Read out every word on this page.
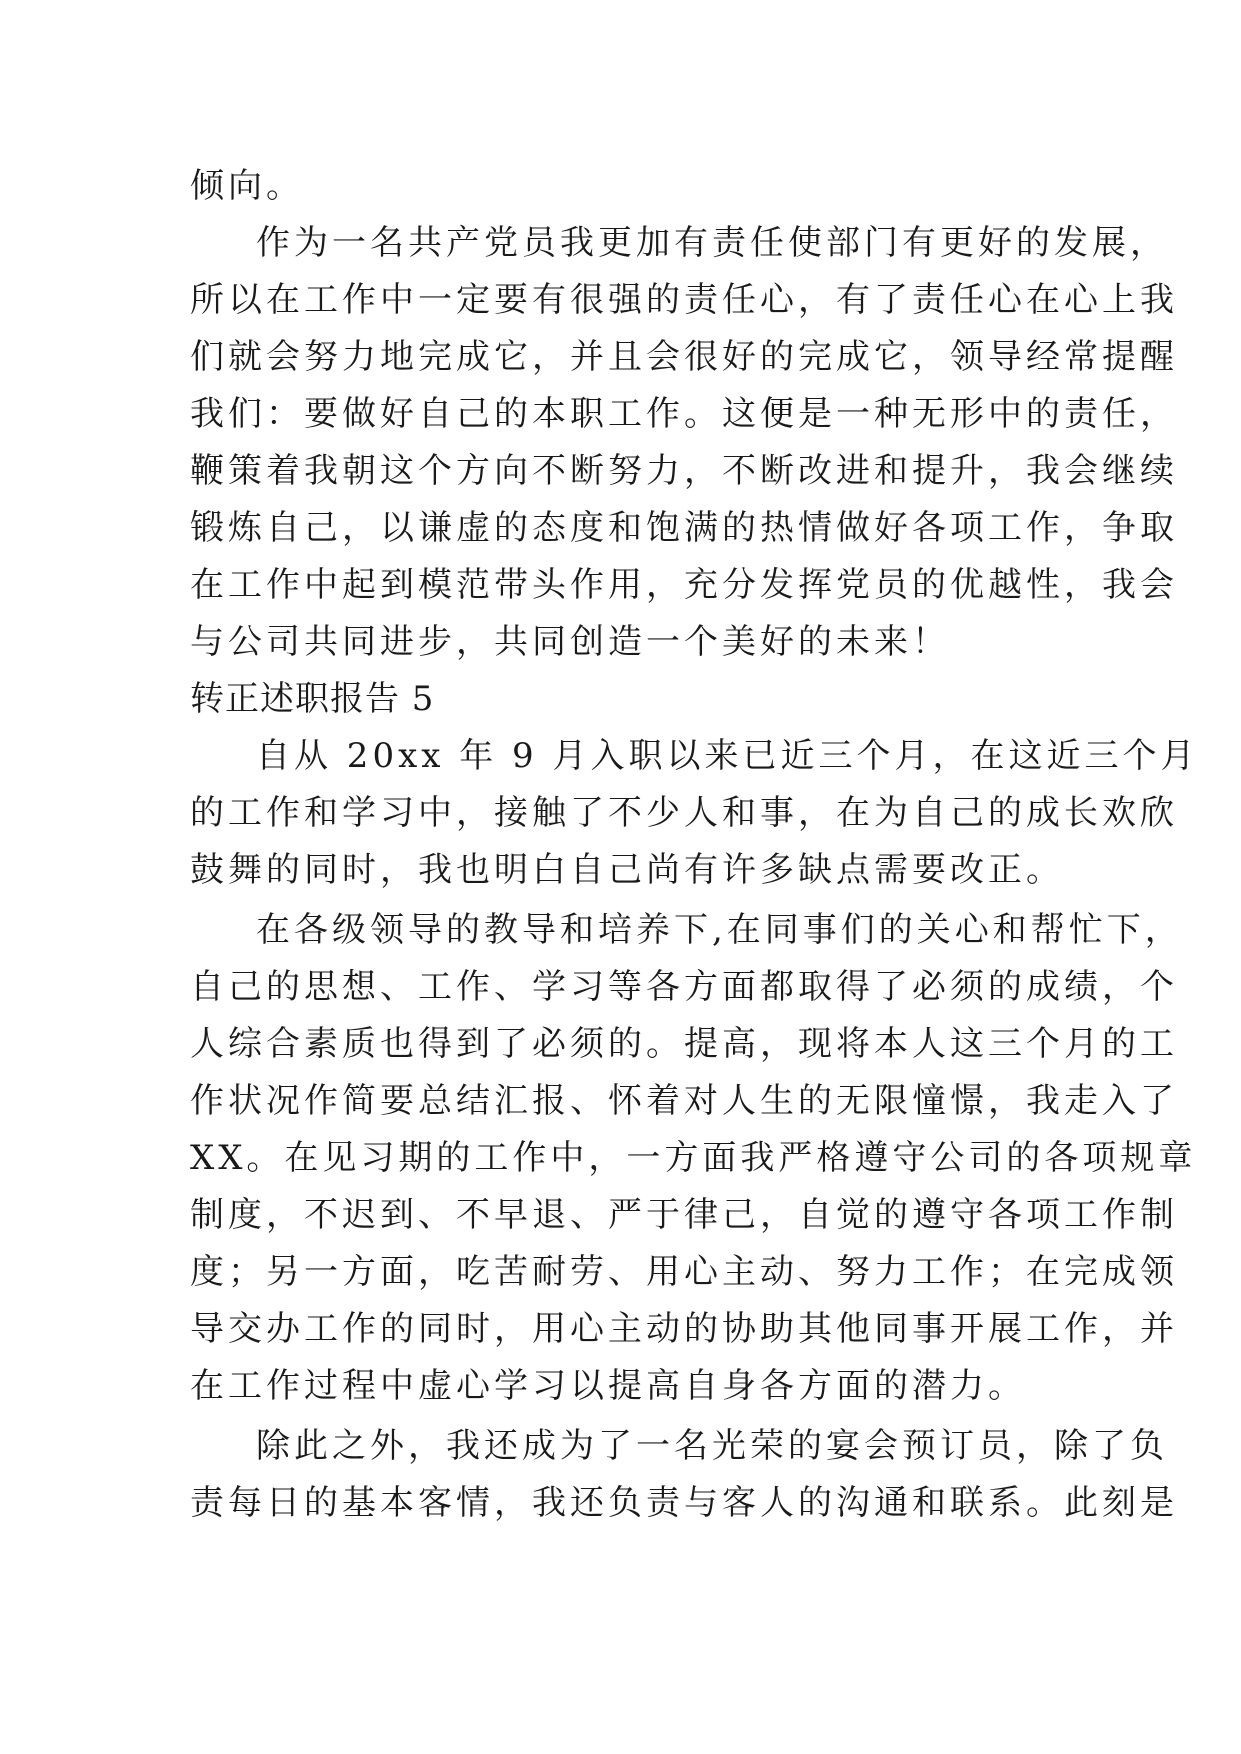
倾向。
作为一名共产党员我更加有责任使部门有更好的发展，
所以在工作中一定要有很强的责任心，有了责任心在心上我
们就会努力地完成它，并且会很好的完成它，领导经常提醒
我们：要做好自己的本职工作。这便是一种无形中的责任，
鞭策着我朝这个方向不断努力，不断改进和提升，我会继续
锻炼自己，以谦虚的态度和饱满的热情做好各项工作，争取
在工作中起到模范带头作用，充分发挥党员的优越性，我会
与公司共同进步，共同创造一个美好的未来！
转正述职报告 5
自从 20xx 年 9 月入职以来已近三个月，在这近三个月
的工作和学习中，接触了不少人和事，在为自己的成长欢欣
鼓舞的同时，我也明白自己尚有许多缺点需要改正。
在各级领导的教导和培养下,在同事们的关心和帮忙下，
自己的思想、工作、学习等各方面都取得了必须的成绩，个
人综合素质也得到了必须的。提高，现将本人这三个月的工
作状况作简要总结汇报、怀着对人生的无限憧憬，我走入了
XX。在见习期的工作中，一方面我严格遵守公司的各项规章
制度，不迟到、不早退、严于律己，自觉的遵守各项工作制
度；另一方面，吃苦耐劳、用心主动、努力工作；在完成领
导交办工作的同时，用心主动的协助其他同事开展工作，并
在工作过程中虚心学习以提高自身各方面的潜力。
除此之外，我还成为了一名光荣的宴会预订员，除了负
责每日的基本客情，我还负责与客人的沟通和联系。此刻是
